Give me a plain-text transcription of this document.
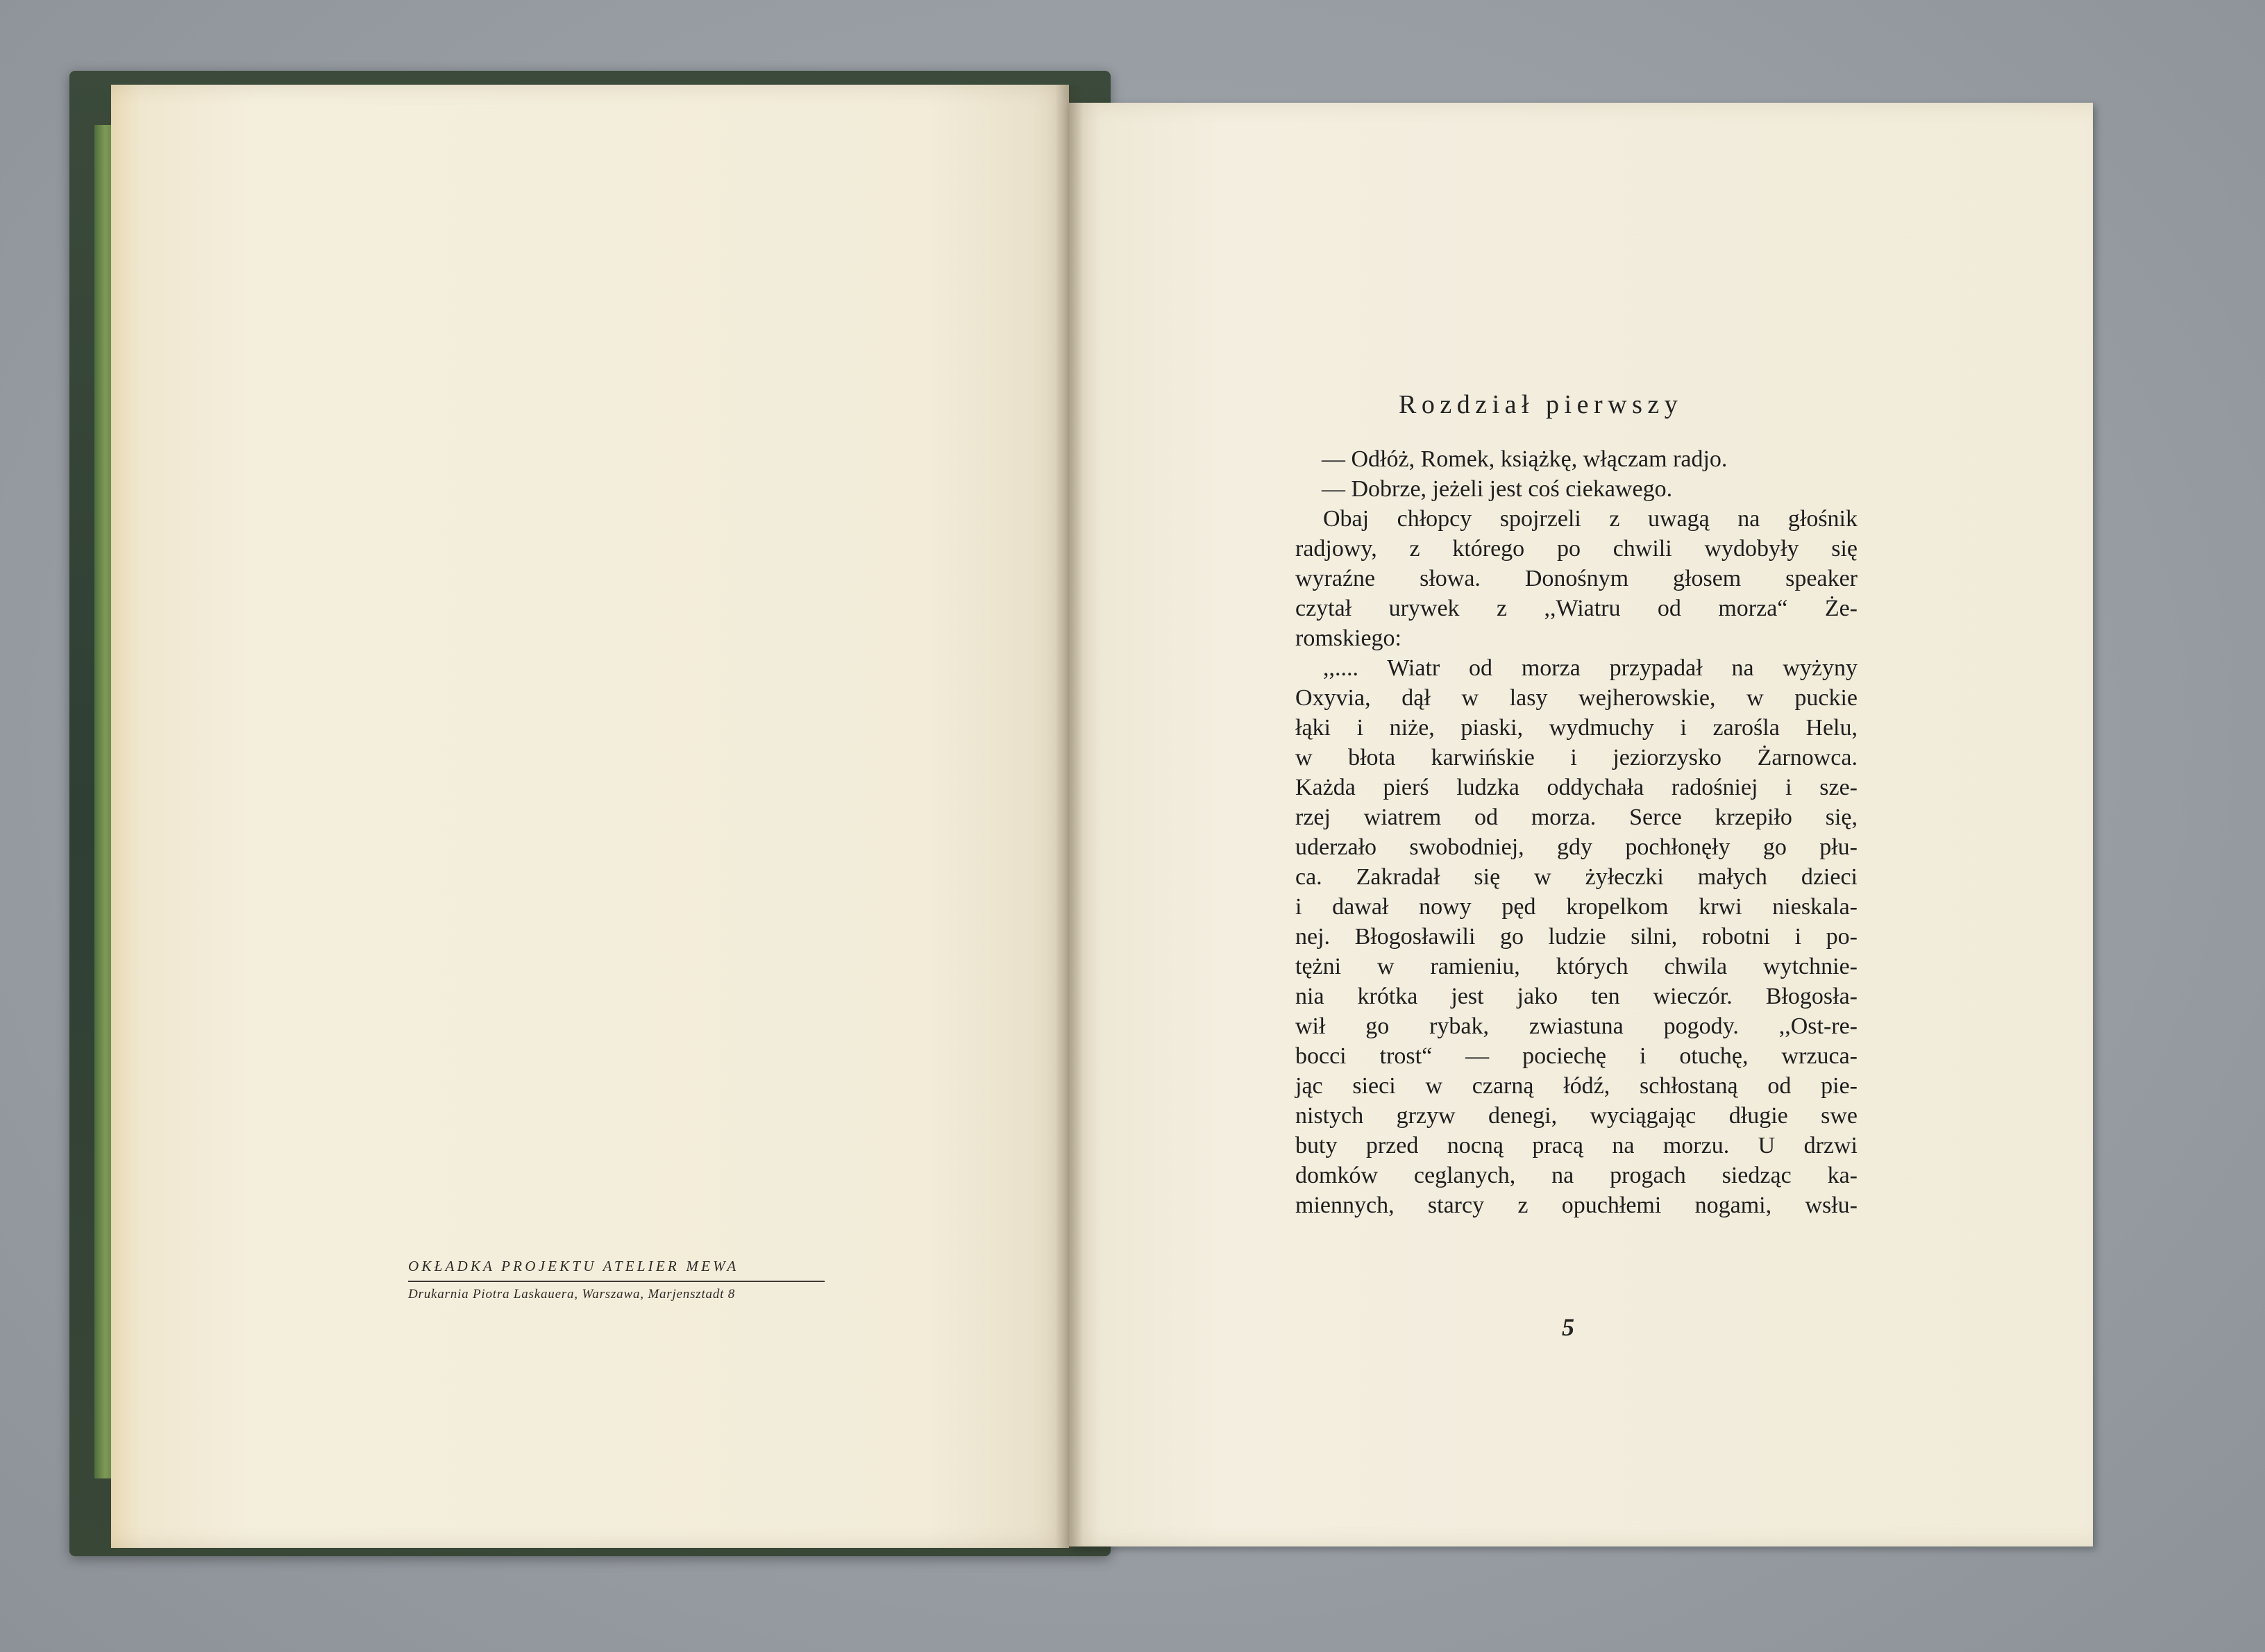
OKŁADKA PROJEKTU ATELIER MEWA
Drukarnia Piotra Laskauera, Warszawa, Marjensztadt 8
Rozdział pierwszy
— Odłóż, Romek, książkę, włączam radjo.
— Dobrze, jeżeli jest coś ciekawego.
Obaj chłopcy spojrzeli z uwagą na głośnik
radjowy, z którego po chwili wydobyły się
wyraźne słowa. Donośnym głosem speaker
czytał urywek z ,,Wiatru od morza“ Że-
romskiego:
,,.... Wiatr od morza przypadał na wyżyny
Oxyvia, dął w lasy wejherowskie, w puckie
łąki i niże, piaski, wydmuchy i zarośla Helu,
w błota karwińskie i jeziorzysko Żarnowca.
Każda pierś ludzka oddychała radośniej i sze-
rzej wiatrem od morza. Serce krzepiło się,
uderzało swobodniej, gdy pochłonęły go płu-
ca. Zakradał się w żyłeczki małych dzieci
i dawał nowy pęd kropelkom krwi nieskala-
nej. Błogosławili go ludzie silni, robotni i po-
tężni w ramieniu, których chwila wytchnie-
nia krótka jest jako ten wieczór. Błogosła-
wił go rybak, zwiastuna pogody. ,,Ost-re-
bocci trost“ — pociechę i otuchę, wrzuca-
jąc sieci w czarną łódź, schłostaną od pie-
nistych grzyw denegi, wyciągając długie swe
buty przed nocną pracą na morzu. U drzwi
domków ceglanych, na progach siedząc ka-
miennych, starcy z opuchłemi nogami, wsłu-
5
